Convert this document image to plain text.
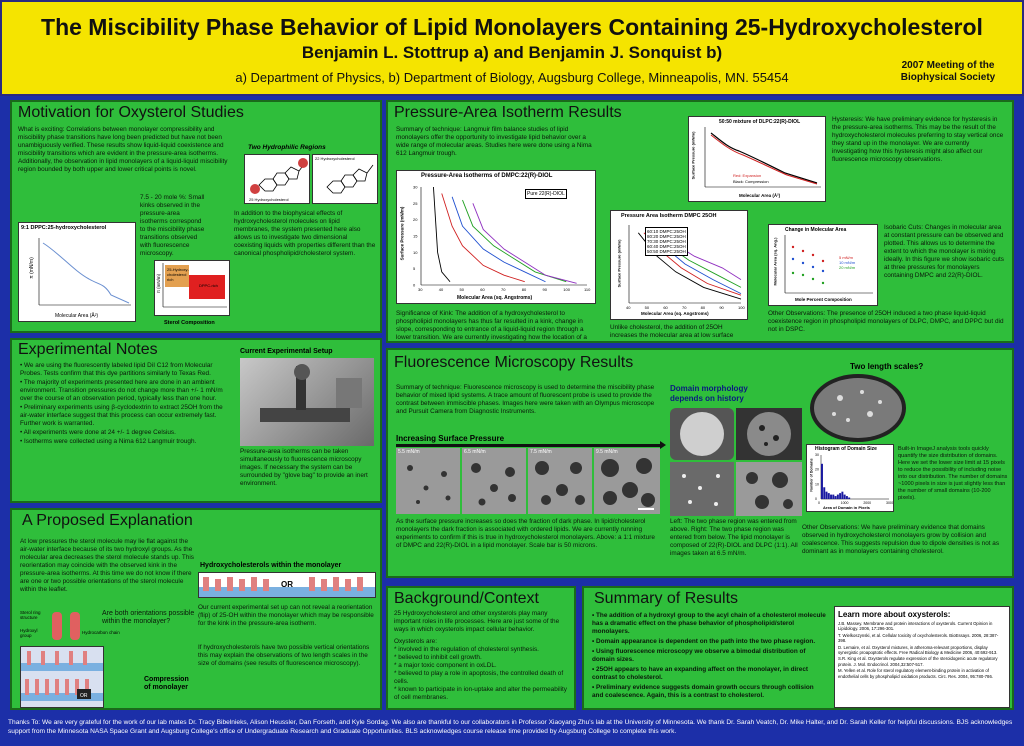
The Miscibility Phase Behavior of Lipid Monolayers Containing 25-Hydroxycholesterol
Benjamin L. Stottrup a) and Benjamin J. Sonquist b)
a) Department of Physics, b) Department of Biology, Augsburg College, Minneapolis, MN. 55454
2007 Meeting of the Biophysical Society
Motivation for Oxysterol Studies
What is exciting: Correlations between monolayer compressibility and miscibility phase transitions have long been predicted but have not been unambiguously verified. These results show liquid-liquid coexistence and miscibility transitions which are evident in the pressure-area isotherms. Additionally, the observation in lipid monolayers of a liquid-liquid miscibility region bounded by both upper and lower critical points is novel.
Two Hydrophilic Regions
25 Hydroxycholesterol
22 Hydroxycholesterol
9:1 DPPC:25-hydroxycholesterol
Molecular Area (Å²)
π (mN/m)
7.5 - 20 mole %: Small kinks observed in the pressure-area isotherms correspond to the miscibility phase transitions observed with fluorescence microscopy.
25-Hydroxy-cholesterol rich
DPPC-rich
π (mN/m)
Sterol Composition
In addition to the biophysical effects of hydroxycholesterol molecules on lipid membranes, the system presented here also allows us to investigate two dimensional coexisting liquids with properties different than the canonical phospholipid/cholesterol system.
Pressure-Area Isotherm Results
Summary of technique: Langmuir film balance studies of lipid monolayers offer the opportunity to investigate lipid behavior over a wide range of molecular areas. Studies here were done using a Nima 612 Langmuir trough.
Pressure-Area Isotherms of DMPC:22(R)-DIOL
30	40	50	60	70	80	90	100	110
0
5
10
15
20
25
30
Molecular Area (sq. Angstroms)
Surface Pressure (mN/m)
Pure 22(R)-DIOL
Significance of Kink: The addition of a hydroxycholesterol to phospholipid monolayers has thus far resulted in a kink, change in slope, corresponding to entrance of a liquid-liquid region through a lower transition. We are currently investigating how the location of a
Pressure Area Isotherm DMPC 25OH
40	50	60	70	80	90	100
Molecular Area (sq. Angstroms)
Surface Pressure (mN/m)
60:10 DMPC:25OH
80:20 DMPC:25OH
70:30 DMPC:25OH
60:40 DMPC:25OH
50:50 DMPC:25OH
Unlike cholesterol, the addition of 25OH increases the molecular area at low surface
50:50 mixture of DLPC:22(R)-DIOL
Red: Expansion
Black: Compression
Molecular Area (Å²)
Surface Pressure (mN/m)
Hysteresis: We have preliminary evidence for hysteresis in the pressure-area isotherms. This may be the result of the hydroxycholesterol molecules preferring to stay vertical once they stand up in the monolayer. We are currently investigating how this hysteresis might also affect our fluorescence microscopy observations.
Change in Molecular Area
5 mN/m
10 mN/m
20 mN/m
Mole Percent Composition
Molecular Area (sq. Ang.)
Isobaric Cuts: Changes in molecular area at constant pressure can be observed and plotted. This allows us to determine the extent to which the monolayer is mixing ideally. In this figure we show isobaric cuts at three pressures for monolayers containing DMPC and 22(R)-DIOL.
Other Observations: The presence of 25OH induced a two phase liquid-liquid coexistence region in phospholipid monolayers of DLPC, DMPC, and DPPC but did not in DSPC.
Experimental Notes
• We are using the fluorescently labeled lipid DiI C12 from Molecular Probes. Tests confirm that this dye partitions similarly to Texas Red.
• The majority of experiments presented here are done in an ambient environment. Transition pressures do not change more than +/- 1 mN/m over the course of an observation period, typically less than one hour.
• Preliminary experiments using β-cyclodextrin to extract 25OH from the air-water interface suggest that this process can occur extremely fast. Further work is warranted.
• All experiments were done at 24 +/- 1 degree Celsius.
• Isotherms were collected using a Nima 612 Langmuir trough.
Current Experimental Setup
Pressure-area isotherms can be taken simultaneously to fluorescence microscopy images. If necessary the system can be surrounded by "glove bag" to provide an inert environment.
A Proposed Explanation
At low pressures the sterol molecule may lie flat against the air-water interface because of its two hydroxyl groups. As the molecular area decreases the sterol molecule stands up. This reorientation may coincide with the observed kink in the pressure-area isotherms. At this time we do not know if there are one or two possible orientations of the sterol molecule within the leaflet.
Hydroxycholesterols within the monolayer
OR
Sterol ring structure
Hydroxyl group
Hydrocarbon chain
Are both orientations possible within the monolayer?
OR
Our current experimental set up can not reveal a reorientation (flip) of 25-OH within the monolayer which may be responsible for the kink in the pressure-area isotherm.
If hydroxycholesterols have two possible vertical orientations this may explain the observations of two length scales in the size of domains (see results of fluorescence microscopy).
Compression of monolayer
Fluorescence Microscopy Results
Summary of technique: Fluorescence microscopy is used to determine the miscibility phase behavior of mixed lipid systems. A trace amount of fluorescent probe is used to provide the contrast between immiscible phases. Images here were taken with an Olympus microscope and Pursuit Camera from Diagnostic Instruments.
Increasing Surface Pressure
5.5 mN/m	6.5 mN/m	7.5 mN/m	9.5 mN/m
As the surface pressure increases so does the fraction of dark phase. In lipid/cholesterol monolayers the dark fraction is associated with ordered lipids. We are currently running experiments to confirm if this is true in hydroxycholesterol monolayers. Above: a 1:1 mixture of DMPC and 22(R)-DIOL in a lipid monolayer. Scale bar is 50 microns.
Domain morphology depends on history
Left: The two phase region was entered from above. Right: The two phase region was entered from below. The lipid monolayer is composed of 22(R)-DIOL and DLPC (1:1). All images taken at 6.5 mN/m.
Two length scales?
Histogram of Domain Size
0	1000	2000	300
0
10
20
30
Area of Domain in Pixels
Number of Domains
Built-in ImageJ analysis tools quickly quantify the size distribution of domains. Here we set the lower size limit at 15 pixels to reduce the possibility of including noise into our distribution. The number of domains ~1000 pixels in size is just slightly less than the number of small domains (10-200 pixels).
Other Observations: We have preliminary evidence that domains observed in hydroxycholesterol monolayers grow by collision and coalescence. This suggests repulsion due to dipole densities is not as dominant as in monolayers containing cholesterol.
Background/Context
25 Hydroxycholesterol and other oxysterols play many important roles in life processes. Here are just some of the ways in which oxysterols impact cellular behavior.
Oxysterols are:
* involved in the regulation of cholesterol synthesis.
* believed to inhibit cell growth.
* a major toxic component in oxLDL.
* believed to play a role in apoptosis, the controlled death of cells.
* known to participate in ion-uptake and alter the permeability of cell membranes.
Summary of Results
• The addition of a hydroxyl group to the acyl chain of a cholesterol molecule has a dramatic effect on the phase behavior of phospholipid/sterol monolayers.
• Domain appearance is dependent on the path into the two phase region.
• Using fluorescence microscopy we observe a bimodal distribution of domain sizes.
• 25OH appears to have an expanding affect on the monolayer, in direct contrast to cholesterol.
• Preliminary evidence suggests domain growth occurs through collision and coalescence. Again, this is a contrast to cholesterol.
Learn more about oxysterols:
J.B. Massey. Membrane and protein interactions of oxysterols. Current Opinion in Lipidology. 2006, 17:296-301.
T. Wielkoszynski, et al. Cellular toxicity of oxycholesterols. BioEssays. 2006, 28:387-398.
D. Lemaire, et al. Oxysterol mixtures, in atheroma-relevant proportions, display synergistic proapoptotic effects. Free Radical Biology & Medicine 2006, 40:692-913.
S.R. King et al. Oxysterols regulate expression of the steroidogenic acute regulatory protein. J. Mol. Endocrinol. 2004,32:507-517.
M. Yellen et al. Role for sterol regulatory element-binding protein in activation of endothelial cells by phospholipid oxidation products. Circ. Res. 2004, 95:780-786.
Thanks To: We are very grateful for the work of our lab mates Dr. Tracy Bibelnieks, Alison Heussler, Dan Forseth, and Kyle Sordag. We also are thankful to our collaborators in Professor Xiaoyang Zhu's lab at the University of Minnesota. We thank Dr. Sarah Veatch, Dr. Mike Halter, and Dr. Sarah Keller for helpful discussions. BJS acknowledges support from the Minnesota NASA Space Grant and Augsburg College's office of Undergraduate Research and Graduate Opportunities. BLS acknowledges course release time provided by Augsburg College to complete this work.
